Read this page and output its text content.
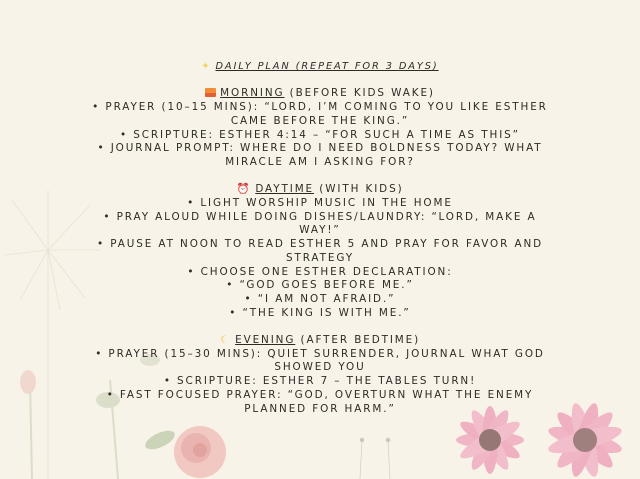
✦ DAILY PLAN (REPEAT FOR 3 DAYS)
MORNING (BEFORE KIDS WAKE)
• PRAYER (10–15 MINS): “LORD, I’M COMING TO YOU LIKE ESTHER
CAME BEFORE THE KING.”
• SCRIPTURE: ESTHER 4:14 – “FOR SUCH A TIME AS THIS”
• JOURNAL PROMPT: WHERE DO I NEED BOLDNESS TODAY? WHAT
MIRACLE AM I ASKING FOR?
⏰ DAYTIME (WITH KIDS)
• LIGHT WORSHIP MUSIC IN THE HOME
• PRAY ALOUD WHILE DOING DISHES/LAUNDRY: “LORD, MAKE A
WAY!”
• PAUSE AT NOON TO READ ESTHER 5 AND PRAY FOR FAVOR AND
STRATEGY
• CHOOSE ONE ESTHER DECLARATION:
• “GOD GOES BEFORE ME.”
• “I AM NOT AFRAID.”
• “THE KING IS WITH ME.”
☾ EVENING (AFTER BEDTIME)
• PRAYER (15–30 MINS): QUIET SURRENDER, JOURNAL WHAT GOD
SHOWED YOU
• SCRIPTURE: ESTHER 7 – THE TABLES TURN!
• FAST FOCUSED PRAYER: “GOD, OVERTURN WHAT THE ENEMY
PLANNED FOR HARM.”
